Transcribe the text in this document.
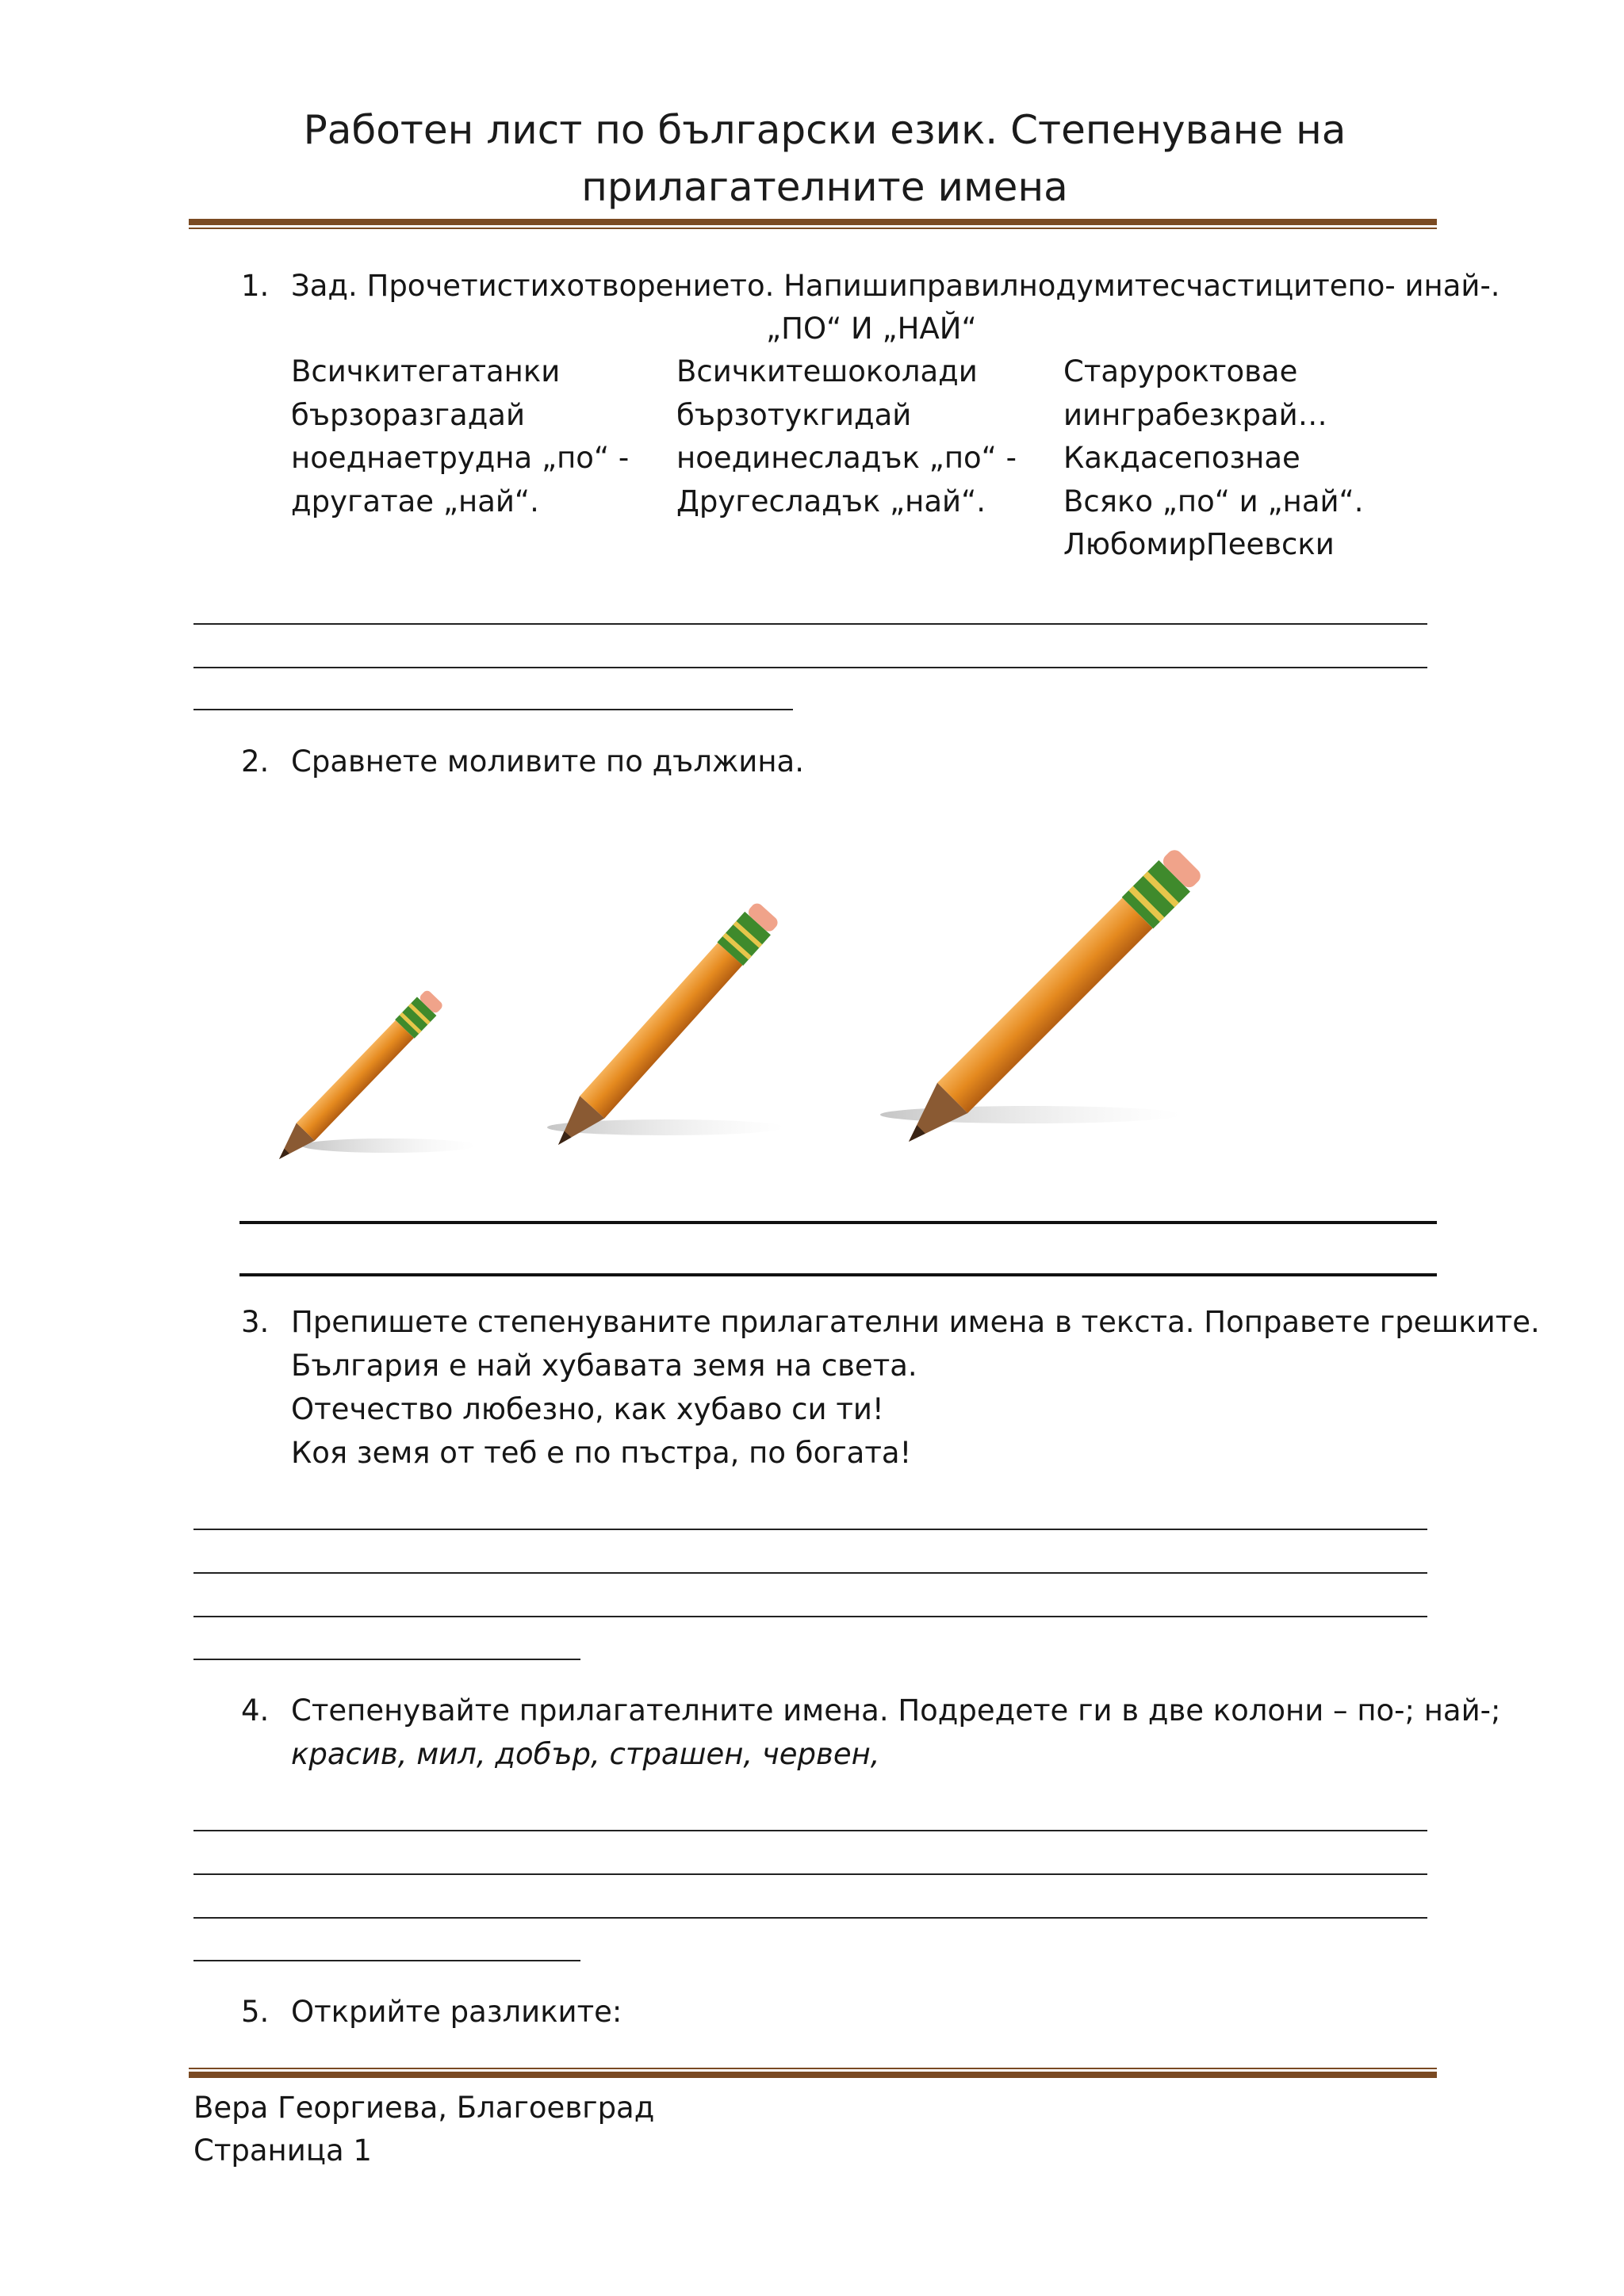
Работен лист по български език. Степенуване на
прилагателните имена
1. Зад. Прочетистихотворението. Напишиправилнодумитесчастицитепо- инай-.
„ПО“ И „НАЙ“
Всичкитегатанки
бързоразгадай
ноеднаетрудна „по“ -
другатае „най“.
Всичкитешоколади
бързотукгидай
ноединесладък „по“ -
Другесладък „най“.
Старуроктовае
иинграбезкрай…
Какдасепознае
Всяко „по“ и „най“.
ЛюбомирПеевски
2. Сравнете моливите по дължина.
3. Препишете степенуваните прилагателни имена в текста. Поправете грешките.
България е най хубавата земя на света.
Отечество любезно, как хубаво си ти!
Коя земя от теб е по пъстра, по богата!
4. Степенувайте прилагателните имена. Подредете ги в две колони – по-; най-;
красив, мил, добър, страшен, червен,
5. Открийте разликите:
Вера Георгиева, Благоевград
Страница 1
